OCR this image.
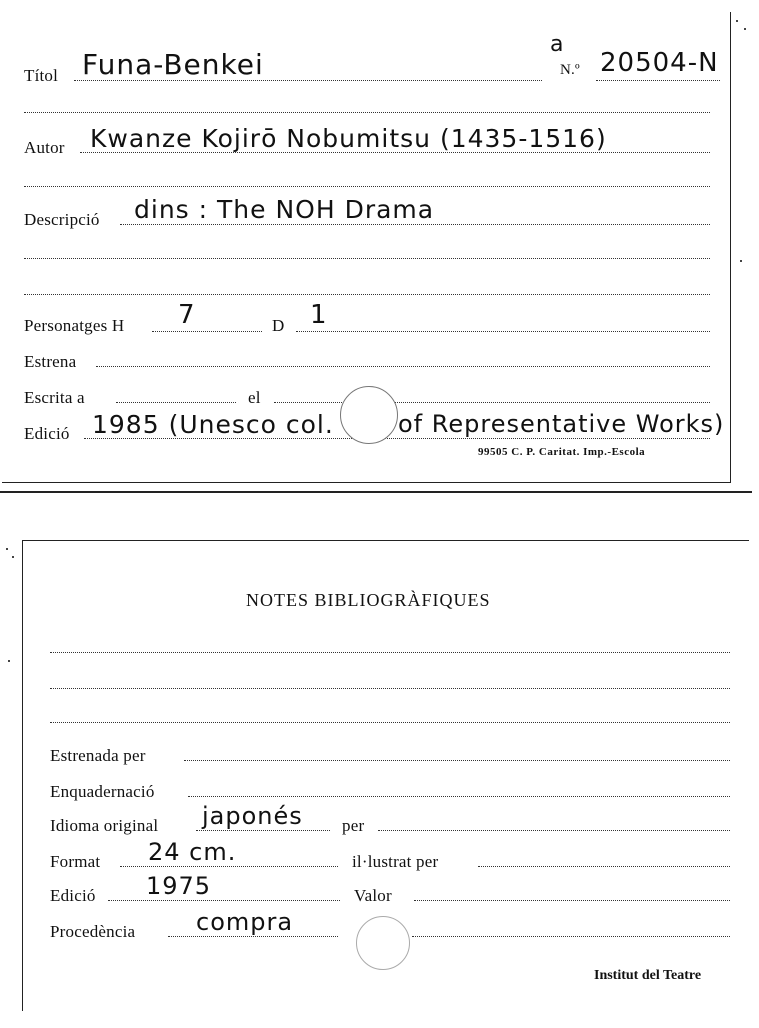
Títol Funa-Benkei
a
N.º 20504-N
Autor Kwanze Kojirō Nobumitsu (1435-1516)
Descripció dins : The NOH Drama
Personatges H 7	D 1
Estrena
Escrita a	el
Edició 1985 (Unesco col.	of Representative Works)
99505 C. P. Caritat. Imp.-Escola
NOTES BIBLIOGRÀFIQUES
Estrenada per
Enquadernació
Idioma original japonés per
Format 24 cm.	il·lustrat per
Edició 1975	Valor
Procedència	compra
Institut del Teatre
